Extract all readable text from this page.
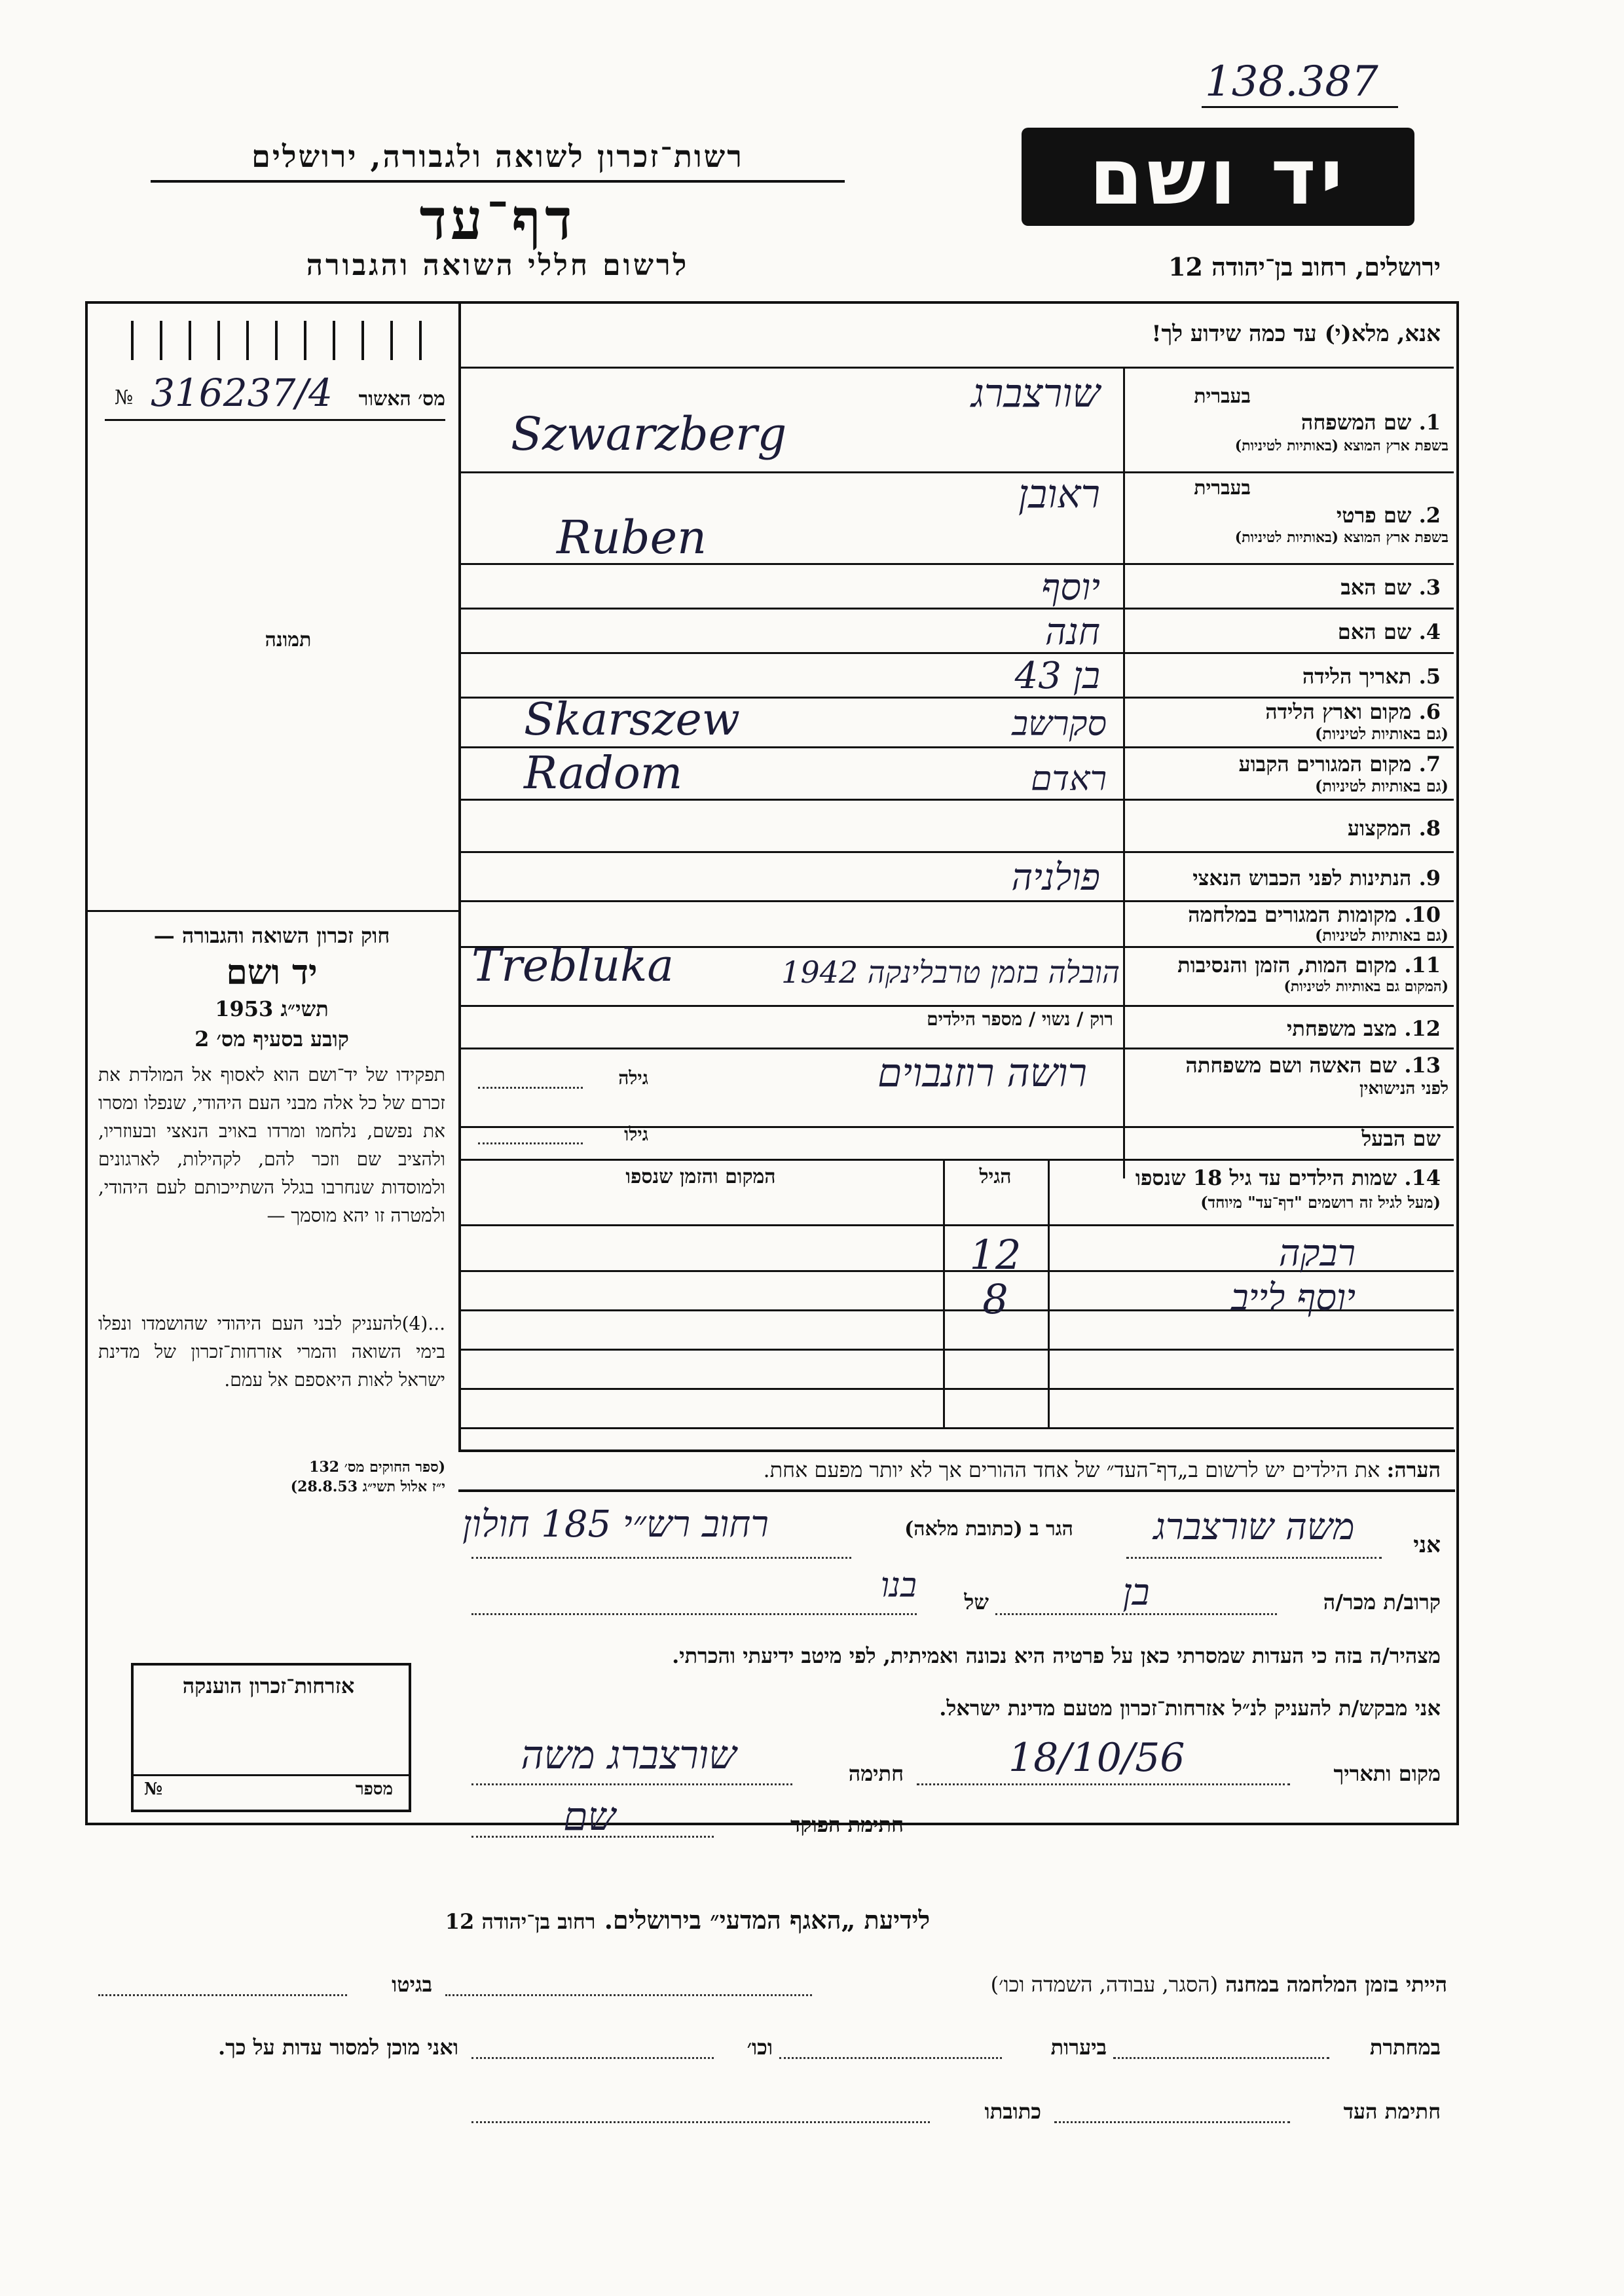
138.387
יד ושם
ירושלים, רחוב בן־יהודה 12
רשות־זכרון לשואה ולגבורה, ירושלים
דף־עד
לרשום חללי השואה והגבורה
אנא, מלא(י) עד כמה שידוע לך!
№ 316237/4	מס׳ האשור
תמונה
בעברית
1. שם המשפחה
בשפת ארץ המוצא (באותיות לטיניות)
שורצברג
Szwarzberg
בעברית
2. שם פרטי
בשפת ארץ המוצא (באותיות לטיניות)
ראובן
Ruben
3. שם האב
יוסף
4. שם האם
חנה
5. תאריך הלידה
בן 43
6. מקום וארץ הלידה
(גם באותיות לטיניות)
סקרשב
Skarszew
7. מקום המגורים הקבוע
(גם באותיות לטיניות)
ראדם
Radom
8. המקצוע
9. הנתינות לפני הכבוש הנאצי
פולניה
10. מקומות המגורים במלחמה
(גם באותיות לטיניות)
11. מקום המות, הזמן והנסיבות
(המקום גם באותיות לטיניות)
Trebluka	הובלה בזמן טרבלינקה 1942
12. מצב משפחתי
רוק / נשוי / מספר הילדים
13. שם האשה ושם משפחתה
לפני הנישואין
רושה רוזנבוים
גילה
שם הבעל
גילו
14. שמות הילדים עד גיל 18 שנספו
(מעל לגיל זה רושמים "דף־עד" מיוחד)
הגיל
המקום והזמן שנספו
רבקה
12
יוסף לייב
8
חוק זכרון השואה והגבורה —
יד ושם
תשי״ג 1953
קובע בסעיף מס׳ 2
תפקידו של יד־ושם הוא לאסוף אל המולדת את זכרם של כל אלה מבני העם היהודי, שנפלו ומסרו את נפשם, נלחמו ומרדו באויב הנאצי ובעוזריו, ולהציב שם וזכר להם, לקהילות, לארגונים ולמוסדות שנחרבו בגלל השתייכותם לעם היהודי, ולמטרה זו יהא מוסמך —
...(4)להעניק לבני העם היהודי שהושמדו ונפלו בימי השואה והמרי אזרחות־זכרון של מדינת ישראל לאות היאספם אל עמם.
(ספר החוקים מס׳ 132
י״ז אלול תשי״ג 28.8.53)
הערה: את הילדים יש לרשום ב„דף־העד״ של אחד ההורים אך לא יותר מפעם אחת.
אני
משה שורצברג
הגר ב (כתובת מלאה)
רחוב רש״י 185 חולון
קרוב/ת מכר/ה
בן
של
בנו
מצהיר/ה בזה כי העדות שמסרתי כאן על פרטיה היא נכונה ואמיתית, לפי מיטב ידיעתי והכרתי.
אני מבקש/ת להעניק לנ״ל אזרחות־זכרון מטעם מדינת ישראל.
מקום ותאריך
18/10/56
חתימה
שורצברג משה
חתימת הפוקד
שם
אזרחות־זכרון הוענקה
№	מספר
לידיעת „האגף המדעי״ בירושלים. רחוב בן־יהודה 12
הייתי בזמן המלחמה במחנה (הסגר, עבודה, השמדה וכו׳)
בגיטו
במחתרת
ביערות
וכו׳
ואני מוכן למסור עדות על כך.
חתימת העד
כתובתו
